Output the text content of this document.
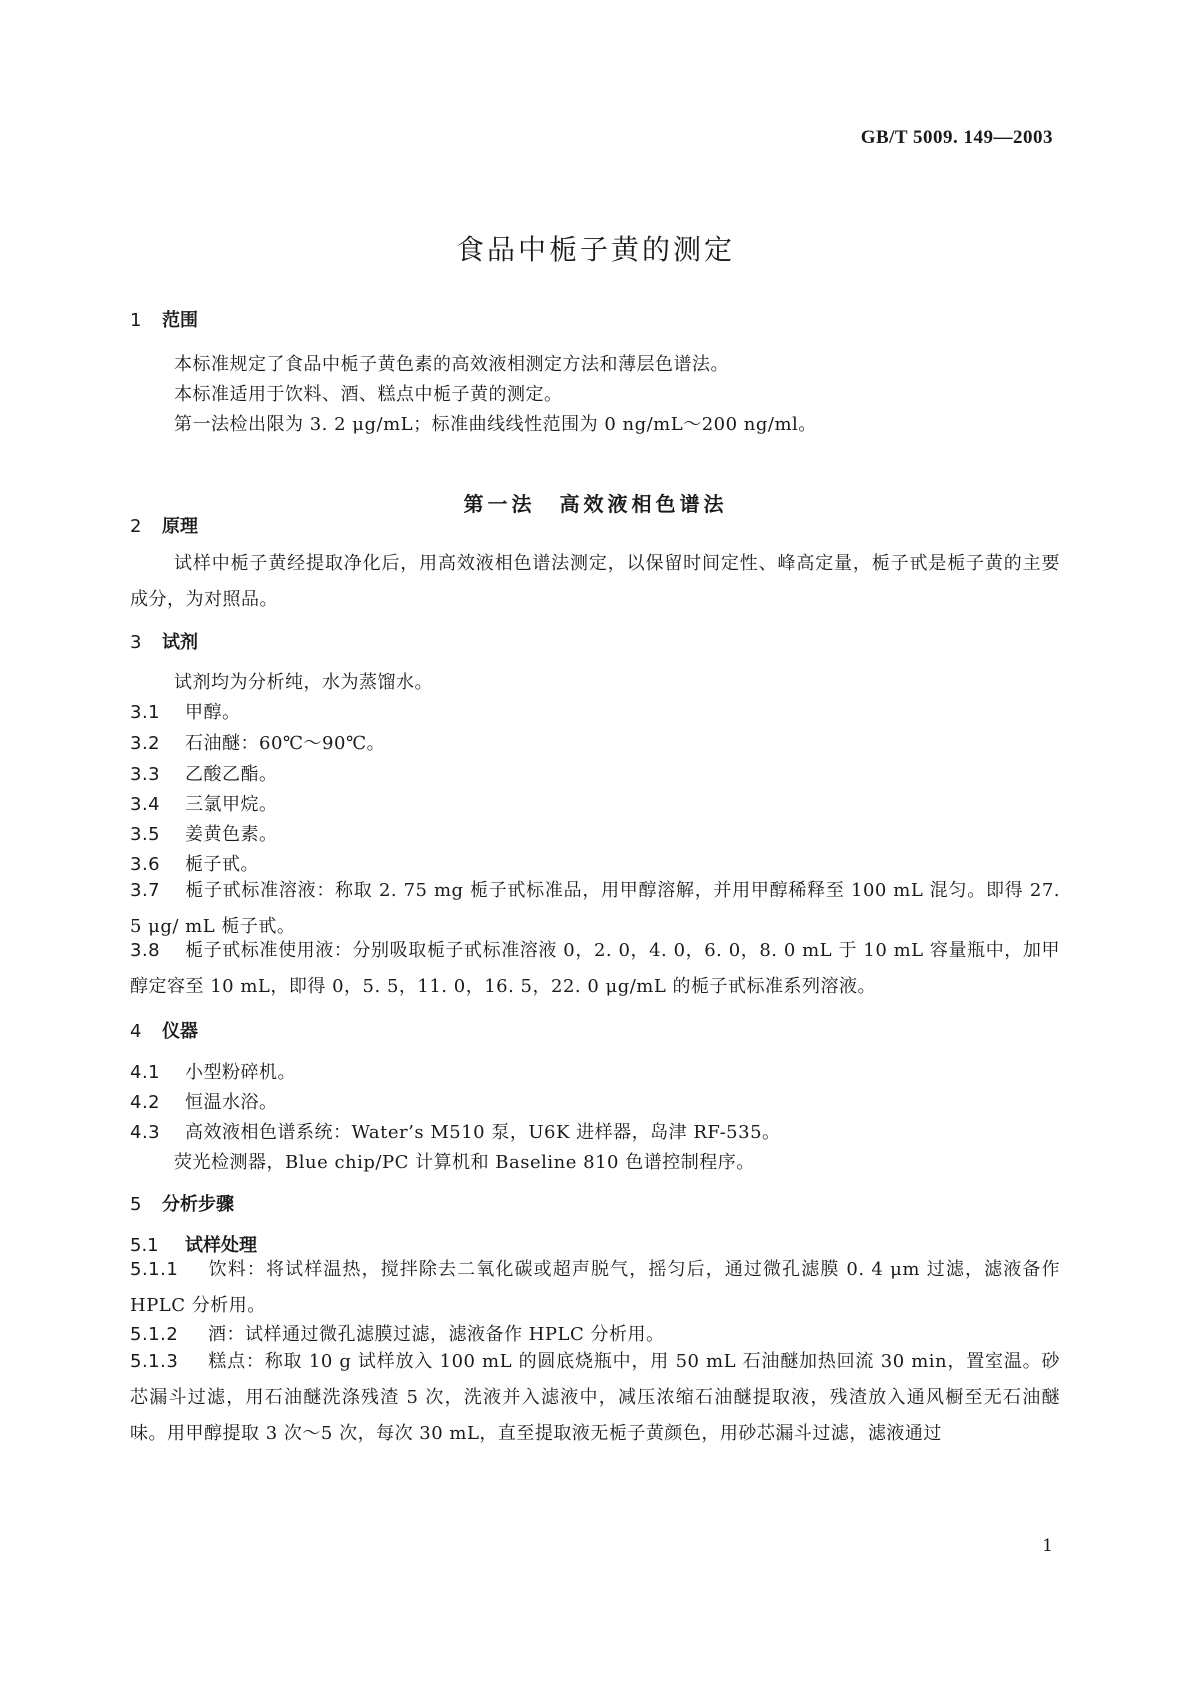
GB/T 5009. 149—2003
食品中栀子黄的测定
1 范围
本标准规定了食品中栀子黄色素的高效液相测定方法和薄层色谱法。
本标准适用于饮料、酒、糕点中栀子黄的测定。
第一法检出限为 3. 2 μg/mL；标准曲线线性范围为 0 ng/mL～200 ng/ml。
第一法　高效液相色谱法
2 原理
试样中栀子黄经提取净化后，用高效液相色谱法测定，以保留时间定性、峰高定量，栀子甙是栀子黄的主要成分，为对照品。
3 试剂
试剂均为分析纯，水为蒸馏水。
3.1 甲醇。
3.2 石油醚：60℃～90℃。
3.3 乙酸乙酯。
3.4 三氯甲烷。
3.5 姜黄色素。
3.6 栀子甙。
3.7 栀子甙标准溶液：称取 2. 75 mg 栀子甙标准品，用甲醇溶解，并用甲醇稀释至 100 mL 混匀。即得 27. 5 μg/ mL 栀子甙。
3.8 栀子甙标准使用液：分别吸取栀子甙标准溶液 0，2. 0，4. 0，6. 0，8. 0 mL 于 10 mL 容量瓶中，加甲醇定容至 10 mL，即得 0，5. 5，11. 0，16. 5，22. 0 μg/mL 的栀子甙标准系列溶液。
4 仪器
4.1 小型粉碎机。
4.2 恒温水浴。
4.3 高效液相色谱系统：Water’s M510 泵，U6K 进样器，岛津 RF-535。
荧光检测器，Blue chip/PC 计算机和 Baseline 810 色谱控制程序。
5 分析步骤
5.1 试样处理
5.1.1 饮料：将试样温热，搅拌除去二氧化碳或超声脱气，摇匀后，通过微孔滤膜 0. 4 μm 过滤，滤液备作 HPLC 分析用。
5.1.2 酒：试样通过微孔滤膜过滤，滤液备作 HPLC 分析用。
5.1.3 糕点：称取 10 g 试样放入 100 mL 的圆底烧瓶中，用 50 mL 石油醚加热回流 30 min，置室温。砂芯漏斗过滤，用石油醚洗涤残渣 5 次，洗液并入滤液中，减压浓缩石油醚提取液，残渣放入通风橱至无石油醚味。用甲醇提取 3 次～5 次，每次 30 mL，直至提取液无栀子黄颜色，用砂芯漏斗过滤，滤液通过
1
